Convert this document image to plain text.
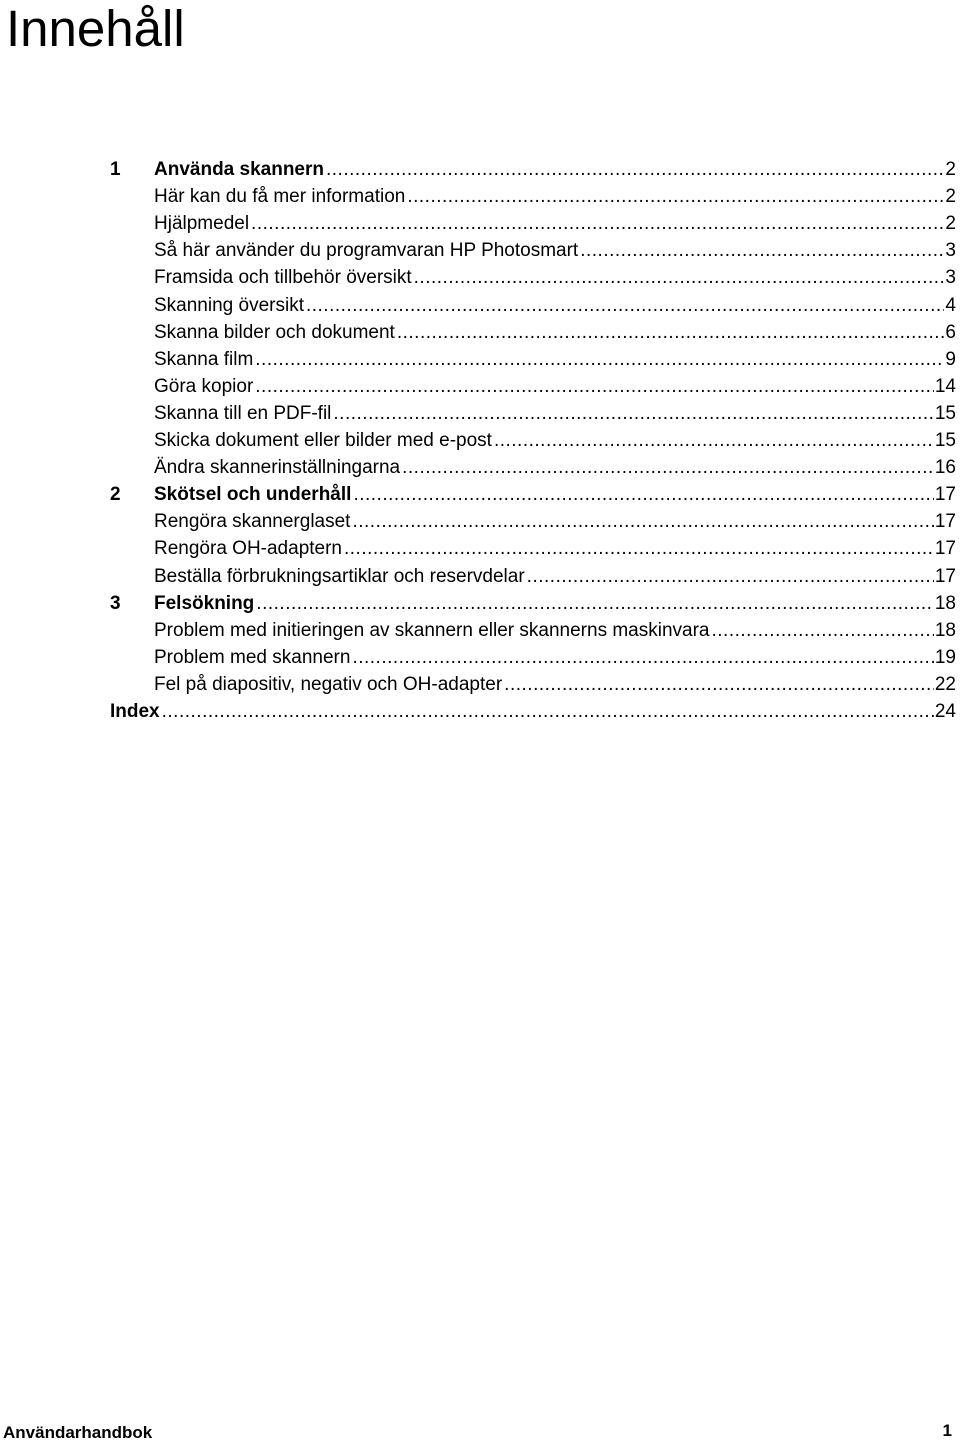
Innehåll
1	Använda skannern .....	2
Här kan du få mer information .....	2
Hjälpmedel .....	2
Så här använder du programvaran HP Photosmart .....	3
Framsida och tillbehör översikt .....	3
Skanning översikt .....	4
Skanna bilder och dokument .....	6
Skanna film .....	9
Göra kopior .....	14
Skanna till en PDF-fil .....	15
Skicka dokument eller bilder med e-post .....	15
Ändra skannerinställningarna .....	16
2	Skötsel och underhåll .....	17
Rengöra skannerglaset .....	17
Rengöra OH-adaptern .....	17
Beställa förbrukningsartiklar och reservdelar .....	17
3	Felsökning .....	18
Problem med initieringen av skannern eller skannerns maskinvara .....	18
Problem med skannern .....	19
Fel på diapositiv, negativ och OH-adapter .....	22
Index .....	24
Användarhandbok	1
